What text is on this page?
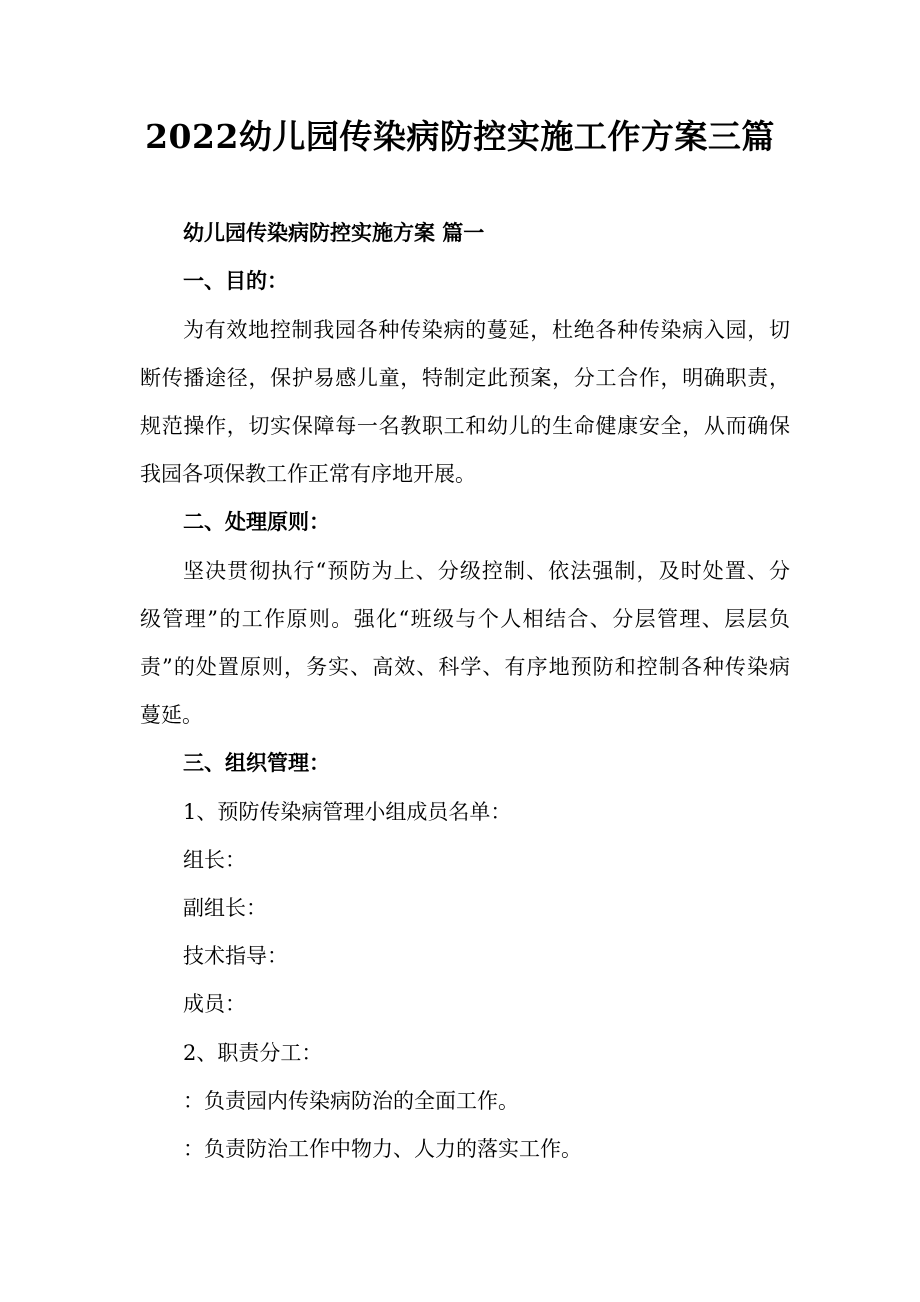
2022幼儿园传染病防控实施工作方案三篇
幼儿园传染病防控实施方案 篇一
一、目的：
为有效地控制我园各种传染病的蔓延，杜绝各种传染病入园，切
断传播途径，保护易感儿童，特制定此预案，分工合作，明确职责，
规范操作，切实保障每一名教职工和幼儿的生命健康安全，从而确保
我园各项保教工作正常有序地开展。
二、处理原则：
坚决贯彻执行“预防为上、分级控制、依法强制，及时处置、分
级管理”的工作原则。强化“班级与个人相结合、分层管理、层层负
责”的处置原则，务实、高效、科学、有序地预防和控制各种传染病
蔓延。
三、组织管理：
1、预防传染病管理小组成员名单：
组长：
副组长：
技术指导：
成员：
2、职责分工：
：负责园内传染病防治的全面工作。
：负责防治工作中物力、人力的落实工作。
